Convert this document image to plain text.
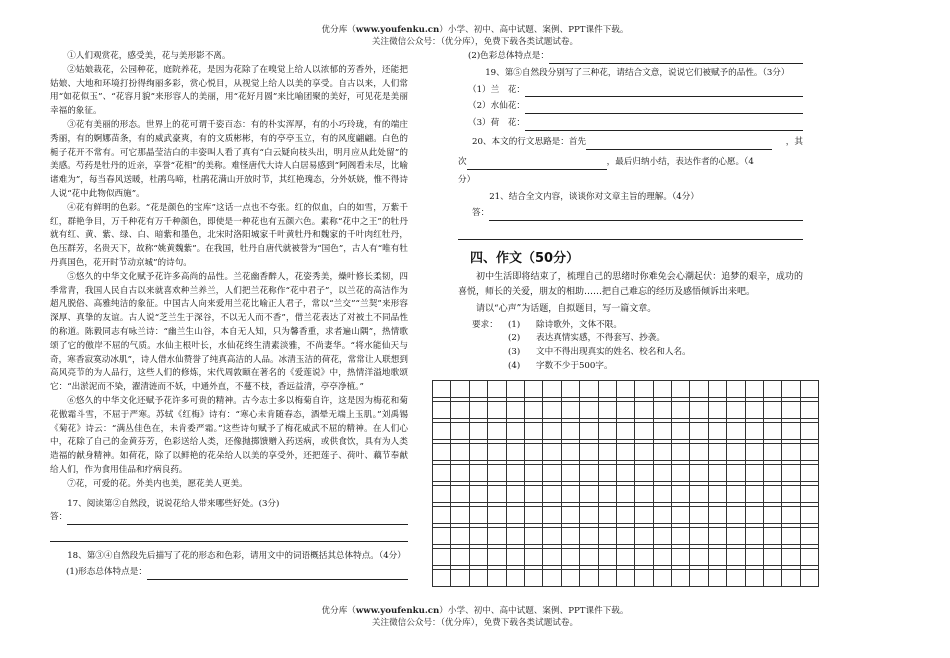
优分库（www.youfenku.cn）小学、初中、高中试题、案例、PPT课件下载。
关注微信公众号：（优分库），免费下载各类试题试卷。

①人们观赏花，感受美，花与美形影不离。

②姑娘栽花，公园种花，庭院养花，是因为花除了在嗅觉上给人以浓郁的芳香外，还能把姑娘、大地和环境打扮得绚丽多彩，赏心悦目，从视觉上给人以美的享受。自古以来，人们常用“如花似玉”、“花容月貌”来形容人的美丽，用“花好月圆”来比喻团聚的美好，可见花是美丽幸福的象征。

③花有美丽的形态。世界上的花可谓千姿百态：有的朴实浑厚，有的小巧玲珑，有的端庄秀丽，有的婀娜苗条，有的威武豪爽，有的文质彬彬，有的亭亭玉立，有的风度翩翩。白色的栀子花开不常有。可它那晶莹洁白的丰姿叫人看了真有“白云疑向枝头出，明月应从此处留”的美感。芍药是牡丹的近亲，享誉“花相”的美称。难怪唐代大诗人白居易感到“阿阁看未尽，比喻诸难为”，每当春风送暖，杜鹃鸟啼，杜鹃花满山开放时节，其红艳瑰态，分外妖娆，惟不得诗人说“花中此物似西施”。

④花有鲜明的色彩。“花是颜色的宝库”这话一点也不夸张。红的似血，白的如雪，万紫千红，群艳争目，万千种花有万千种颜色，即使是一种花也有五颜六色。素称“花中之王”的牡丹就有红、黄、紫、绿、白、暗紫和墨色，北宋时洛阳城家千叶黄牡丹和魏家的千叶肉红牡丹，色压群芳，名贵天下，故称“姚黄魏紫”。在我国，牡丹自唐代就被誉为“国色”，古人有“唯有牡丹真国色，花开时节动京城”的诗句。

⑤悠久的中华文化赋予花许多高尚的品性。兰花幽香醉人，花姿秀美，燥叶修长柔韧，四季常青，我国人民自古以来就喜欢种兰养兰，人们把兰花称作“花中君子”，以兰花的高洁作为超凡脱俗、高雅纯洁的象征。中国古人向来爱用兰花比喻正人君子，常以“兰交”“兰契”来形容深厚、真挚的友谊。古人说“芝兰生于深谷，不以无人而不香”，借兰花表达了对被土不同品性的称道。陈毅同志有咏兰诗：“幽兰生山谷，本自无人知，只为馨香重，求者遍山隅”，热情歌颂了它的傲岸不屈的气质。水仙主根叶长，水仙花终生清素淡雅，不尚妻华。“将水能仙天与奇，寒香寂寞动冰肌”，诗人借水仙赞誉了纯真高洁的人品。冰清玉洁的荷花，常常让人联想到高风亮节的为人品行，这些人们的修炼，宋代周敦颐在著名的《爱莲说》中，热情洋溢地歌颂它：“出淤泥而不染，濯清涟而不妖，中通外直，不蔓不枝，香远益清，亭亭净植。”

⑥悠久的中华文化还赋予花许多可贵的精神。古今志士多以梅菊自许，这是因为梅花和菊花傲霜斗雪，不屈于严寒。苏轼《红梅》诗有：“寒心未肯随春态，酒晕无端上玉肌。”刘禹锡《菊花》诗云：“满丛佳色在，未肯委严霜。”这些诗句赋予了梅花威武不屈的精神。在人们心中，花除了自己的金黄芬芳，色彩送给人类，还像抛掷馈赠入药送病，或供食饮，具有为人类造福的献身精神。如荷花，除了以鲜艳的花朵给人以美的享受外，还把莲子、荷叶、藕节奉献给人们，作为食用佳品和疗病良药。

⑦花，可爱的花。外美内也美，愿花美人更美。

17、阅读第②自然段，说说花给人带来哪些好处。(3分)

答：

18、第③④自然段先后描写了花的形态和色彩，请用文中的词语概括其总体特点。（4分）

(1)形态总体特点是：
(2)色彩总体特点是：

19、第⑤自然段分别写了三种花，请结合文意，说说它们被赋予的品性。（3分）

（1）兰　花：
（2）水仙花：
（3）荷　花：
20、本文的行文思路是：首先	，其
次	，最后归纳小结，表达作者的心愿。（4
分）

21、结合全文内容，谈谈你对文章主旨的理解。（4分）

答：

四、作文（50分）

初中生活即将结束了，梳理自己的思绪时你难免会心潮起伏：追梦的艰辛，成功的喜悦，师长的关爱，朋友的相助……把自己难忘的经历及感悟倾诉出来吧。

请以“心声”为话题，自拟题目，写一篇文章。

要求： (1) 除诗歌外，文体不限。
(2) 表达真情实感，不得套写、抄袭。
(3) 文中不得出现真实的姓名、校名和人名。
(4) 字数不少于500字。

优分库（www.youfenku.cn）小学、初中、高中试题、案例、PPT课件下载。
关注微信公众号：（优分库），免费下载各类试题试卷。
